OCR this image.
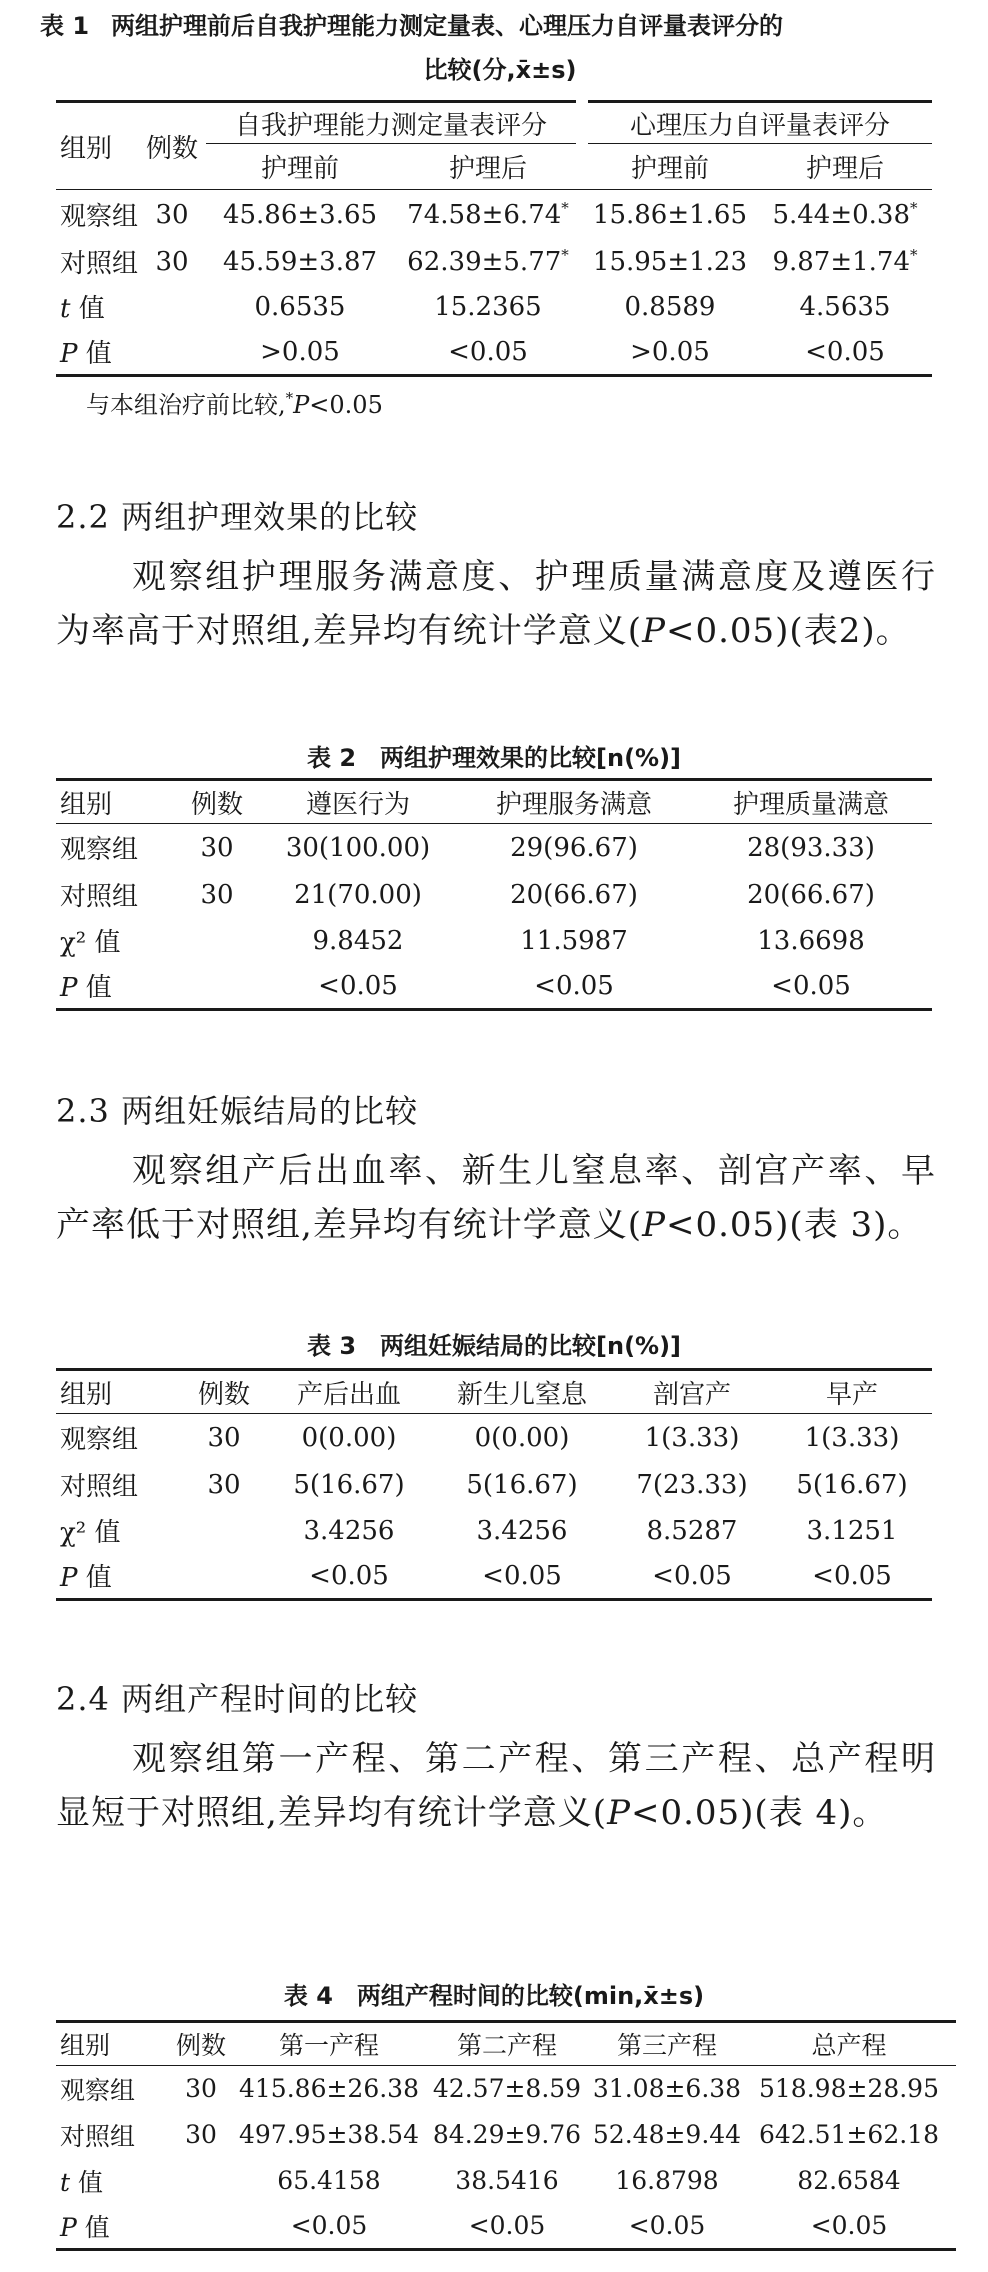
表 1 两组护理前后自我护理能力测定量表、心理压力自评量表评分的
比较(分,x̄±s)
组别	例数	自我护理能力测定量表评分		心理压力自评量表评分	
		护理前	护理后	护理前	护理后
观察组	30	45.86±3.65	74.58±6.74*	15.86±1.65	5.44±0.38*
对照组	30	45.59±3.87	62.39±5.77*	15.95±1.23	9.87±1.74*
t 值		0.6535	15.2365	0.8589	4.5635
P 值		>0.05	<0.05	>0.05	<0.05
与本组治疗前比较,*P<0.05
2.2 两组护理效果的比较
观察组护理服务满意度、护理质量满意度及遵医行为率高于对照组,差异均有统计学意义(P<0.05)(表2)。
表 2　两组护理效果的比较[n(%)]
组别	例数	遵医行为	护理服务满意	护理质量满意
观察组	30	30(100.00)	29(96.67)	28(93.33)
对照组	30	21(70.00)	20(66.67)	20(66.67)
χ² 值		9.8452	11.5987	13.6698
P 值		<0.05	<0.05	<0.05
2.3 两组妊娠结局的比较
观察组产后出血率、新生儿窒息率、剖宫产率、早产率低于对照组,差异均有统计学意义(P<0.05)(表 3)。
表 3　两组妊娠结局的比较[n(%)]
组别	例数	产后出血	新生儿窒息	剖宫产	早产
观察组	30	0(0.00)	0(0.00)	1(3.33)	1(3.33)
对照组	30	5(16.67)	5(16.67)	7(23.33)	5(16.67)
χ² 值		3.4256	3.4256	8.5287	3.1251
P 值		<0.05	<0.05	<0.05	<0.05
2.4 两组产程时间的比较
观察组第一产程、第二产程、第三产程、总产程明显短于对照组,差异均有统计学意义(P<0.05)(表 4)。
表 4　两组产程时间的比较(min,x̄±s)
组别	例数	第一产程	第二产程	第三产程	总产程
观察组	30	415.86±26.38	42.57±8.59	31.08±6.38	518.98±28.95
对照组	30	497.95±38.54	84.29±9.76	52.48±9.44	642.51±62.18
t 值		65.4158	38.5416	16.8798	82.6584
P 值		<0.05	<0.05	<0.05	<0.05
